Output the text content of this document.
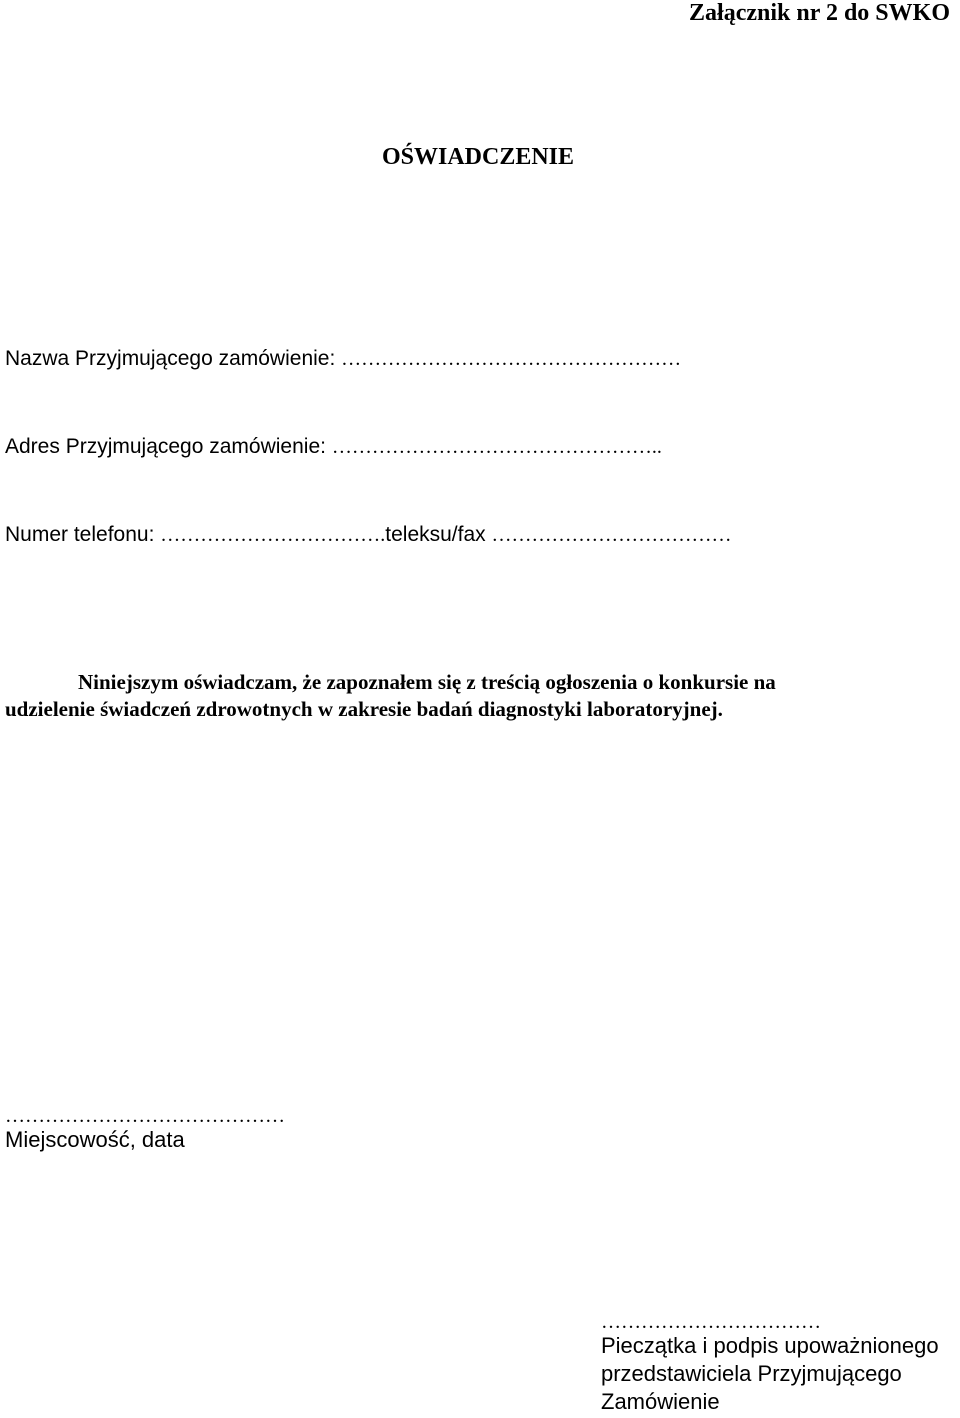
Załącznik nr 2 do SWKO

OŚWIADCZENIE
Nazwa Przyjmującego zamówienie: ……………………………………………
Adres Przyjmującego zamówienie: …………………………………………..
Numer telefonu: …………………………….teleksu/fax ………………………………
Niniejszym oświadczam, że zapoznałem się z treścią ogłoszenia o konkursie na
udzielenie świadczeń zdrowotnych w zakresie badań diagnostyki laboratoryjnej.
……………………………………
Miejscowość, data
……………………………
Pieczątka i podpis upoważnionego
przedstawiciela Przyjmującego
Zamówienie
